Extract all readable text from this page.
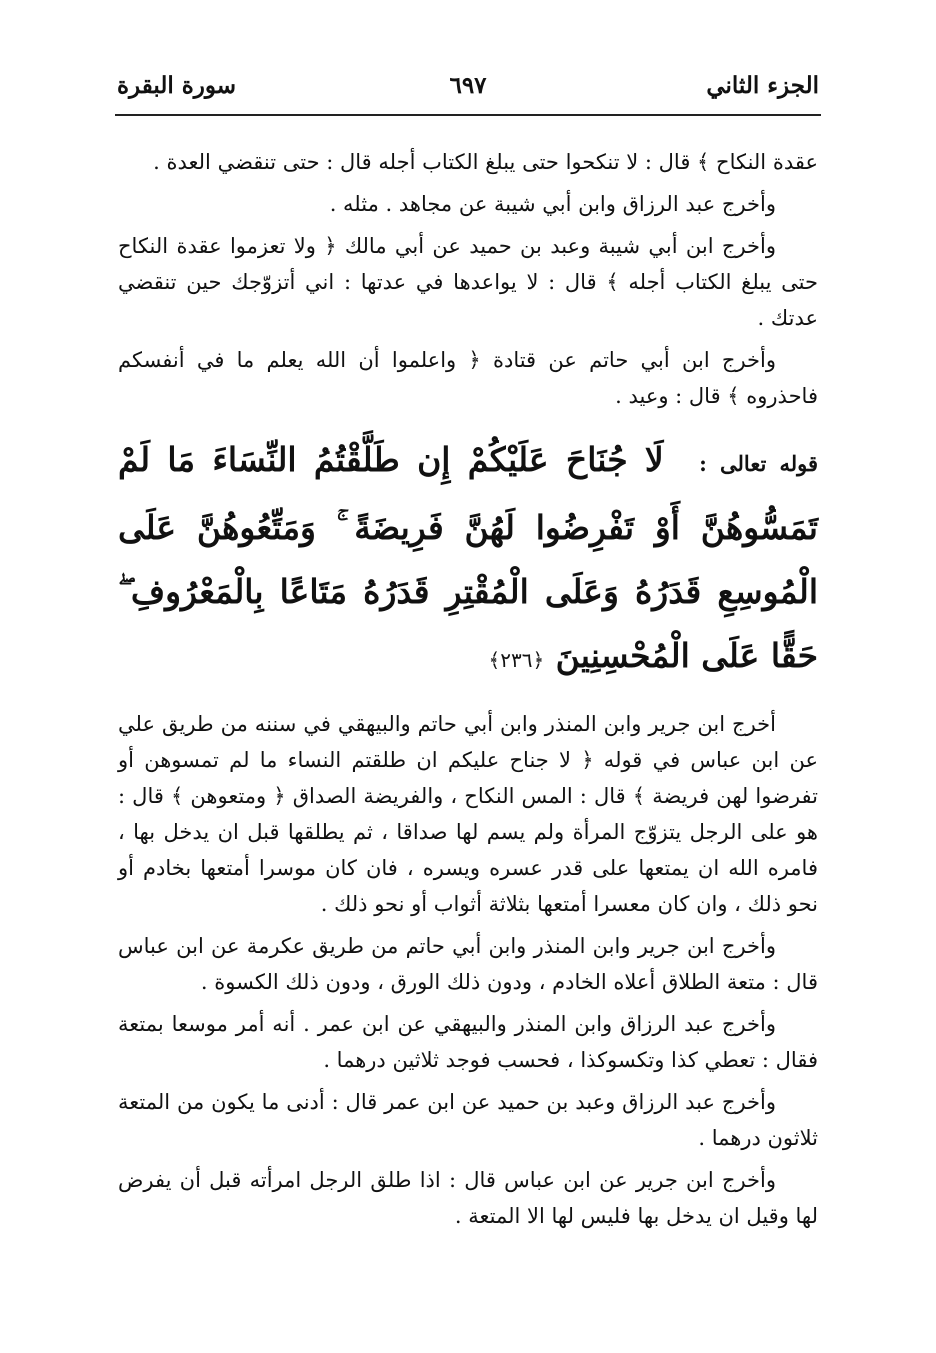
الجزء الثاني
٦٩٧
سورة البقرة

عقدة النكاح ﴾ قال : لا تنكحوا حتى يبلغ الكتاب أجله قال : حتى تنقضي العدة .

وأخرج عبد الرزاق وابن أبي شيبة عن مجاهد . مثله .

وأخرج ابن أبي شيبة وعبد بن حميد عن أبي مالك ﴿ ولا تعزموا عقدة النكاح حتى يبلغ الكتاب أجله ﴾ قال : لا يواعدها في عدتها : اني أتزوّجك حين تنقضي عدتك .

وأخرج ابن أبي حاتم عن قتادة ﴿ واعلموا أن الله يعلم ما في أنفسكم فاحذروه ﴾ قال : وعيد .

قوله تعالى : لَا جُنَاحَ عَلَيْكُمْ إِن طَلَّقْتُمُ النِّسَاءَ مَا لَمْ تَمَسُّوهُنَّ أَوْ تَفْرِضُوا لَهُنَّ فَرِيضَةً ۚ وَمَتِّعُوهُنَّ عَلَى الْمُوسِعِ قَدَرُهُ وَعَلَى الْمُقْتِرِ قَدَرُهُ مَتَاعًا بِالْمَعْرُوفِ ۖ حَقًّا عَلَى الْمُحْسِنِينَ ﴿٢٣٦﴾

أخرج ابن جرير وابن المنذر وابن أبي حاتم والبيهقي في سننه من طريق علي عن ابن عباس في قوله ﴿ لا جناح عليكم ان طلقتم النساء ما لم تمسوهن أو تفرضوا لهن فريضة ﴾ قال : المس النكاح ، والفريضة الصداق ﴿ ومتعوهن ﴾ قال : هو على الرجل يتزوّج المرأة ولم يسم لها صداقا ، ثم يطلقها قبل ان يدخل بها ، فامره الله ان يمتعها على قدر عسره ويسره ، فان كان موسرا أمتعها بخادم أو نحو ذلك ، وان كان معسرا أمتعها بثلاثة أثواب أو نحو ذلك .

وأخرج ابن جرير وابن المنذر وابن أبي حاتم من طريق عكرمة عن ابن عباس قال : متعة الطلاق أعلاه الخادم ، ودون ذلك الورق ، ودون ذلك الكسوة .

وأخرج عبد الرزاق وابن المنذر والبيهقي عن ابن عمر . أنه أمر موسعا بمتعة فقال : تعطي كذا وتكسوكذا ، فحسب فوجد ثلاثين درهما .

وأخرج عبد الرزاق وعبد بن حميد عن ابن عمر قال : أدنى ما يكون من المتعة ثلاثون درهما .

وأخرج ابن جرير عن ابن عباس قال : اذا طلق الرجل امرأته قبل أن يفرض لها وقيل ان يدخل بها فليس لها الا المتعة .
